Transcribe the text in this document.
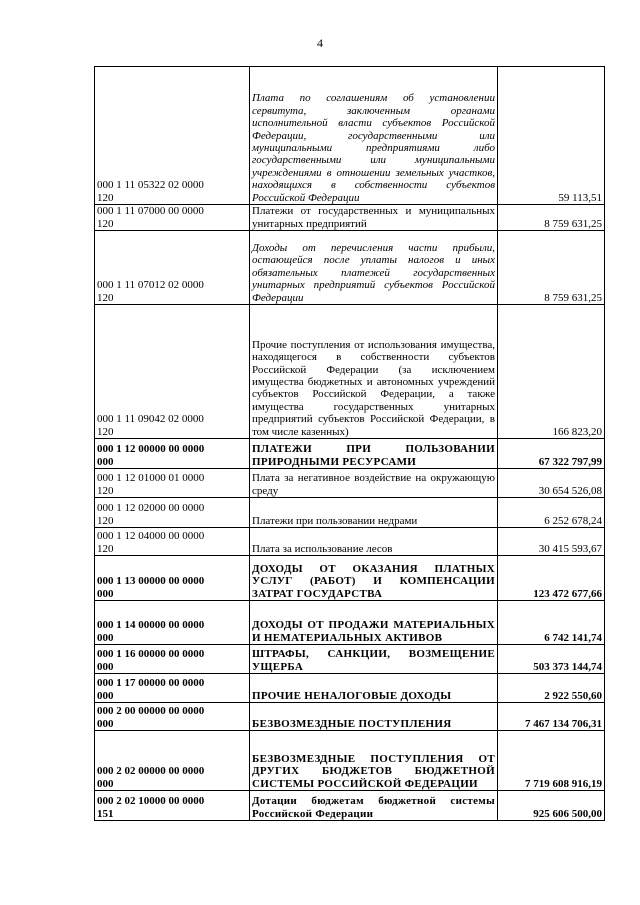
4
000 1 11 05322 02 0000
120	Плата по соглашениям об установлении сервитута, заключенным органами исполнительной власти субъектов Российской Федерации, государственными или муниципальными предприятиями либо государственными или муниципальными учреждениями в отношении земельных участков, находящихся в собственности субъектов Российской Федерации	59 113,51
000 1 11 07000 00 0000
120	Платежи от государственных и муниципальных унитарных предприятий	8 759 631,25
000 1 11 07012 02 0000
120	Доходы от перечисления части прибыли, остающейся после уплаты налогов и иных обязательных платежей государственных унитарных предприятий субъектов Российской Федерации	8 759 631,25
000 1 11 09042 02 0000
120	Прочие поступления от использования имущества, находящегося в собственности субъектов Российской Федерации (за исключением имущества бюджетных и автономных учреждений субъектов Российской Федерации, а также имущества государственных унитарных предприятий субъектов Российской Федерации, в том числе казенных)	166 823,20
000 1 12 00000 00 0000
000	ПЛАТЕЖИ ПРИ ПОЛЬЗОВАНИИ ПРИРОДНЫМИ РЕСУРСАМИ	67 322 797,99
000 1 12 01000 01 0000
120	Плата за негативное воздействие на окружающую среду	30 654 526,08
000 1 12 02000 00 0000
120	Платежи при пользовании недрами	6 252 678,24
000 1 12 04000 00 0000
120	Плата за использование лесов	30 415 593,67
000 1 13 00000 00 0000
000	ДОХОДЫ ОТ ОКАЗАНИЯ ПЛАТНЫХ УСЛУГ (РАБОТ) И КОМПЕНСАЦИИ ЗАТРАТ ГОСУДАРСТВА	123 472 677,66
000 1 14 00000 00 0000
000	ДОХОДЫ ОТ ПРОДАЖИ МАТЕРИАЛЬНЫХ И НЕМАТЕРИАЛЬНЫХ АКТИВОВ	6 742 141,74
000 1 16 00000 00 0000
000	ШТРАФЫ, САНКЦИИ, ВОЗМЕЩЕНИЕ УЩЕРБА	503 373 144,74
000 1 17 00000 00 0000
000	ПРОЧИЕ НЕНАЛОГОВЫЕ ДОХОДЫ	2 922 550,60
000 2 00 00000 00 0000
000	БЕЗВОЗМЕЗДНЫЕ ПОСТУПЛЕНИЯ	7 467 134 706,31
000 2 02 00000 00 0000
000	БЕЗВОЗМЕЗДНЫЕ ПОСТУПЛЕНИЯ ОТ ДРУГИХ БЮДЖЕТОВ БЮДЖЕТНОЙ СИСТЕМЫ РОССИЙСКОЙ ФЕДЕРАЦИИ	7 719 608 916,19
000 2 02 10000 00 0000
151	Дотации бюджетам бюджетной системы Российской Федерации	925 606 500,00
